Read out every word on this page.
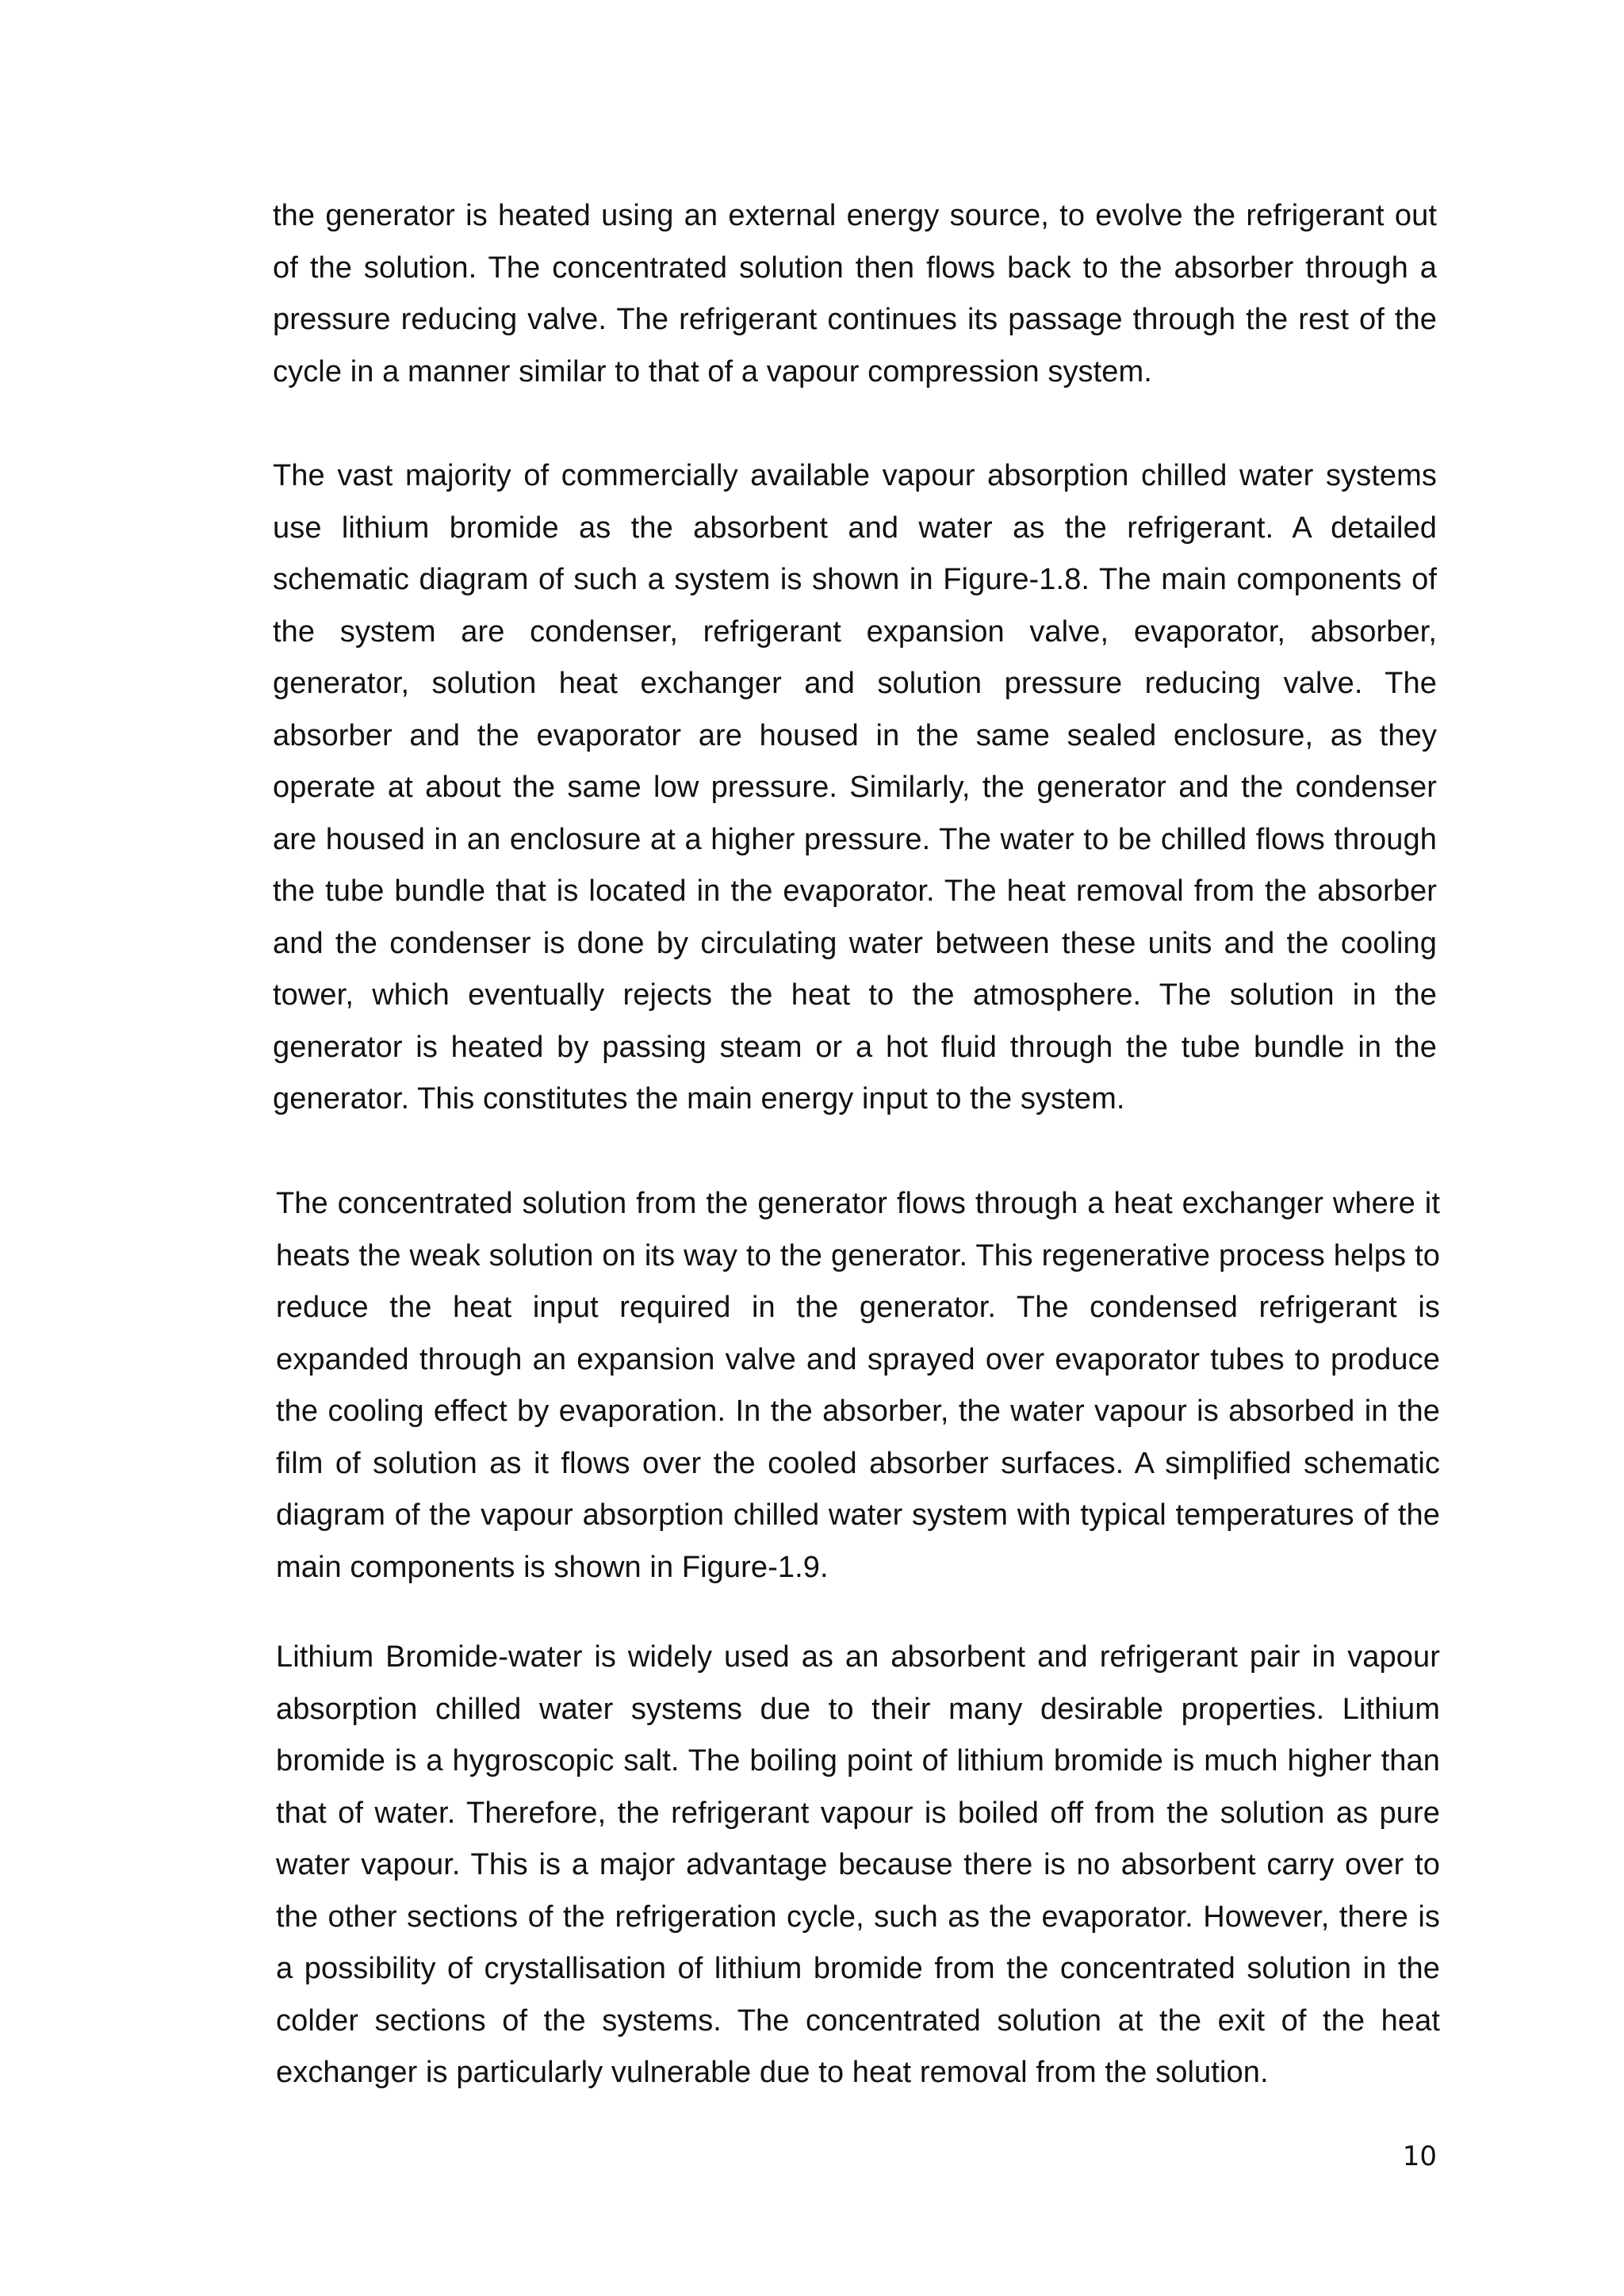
the generator is heated using an external energy source, to evolve the refrigerant out of the solution. The concentrated solution then flows back to the absorber through a pressure reducing valve. The refrigerant continues its passage through the rest of the cycle in a manner similar to that of a vapour compression system.

The vast majority of commercially available vapour absorption chilled water systems use lithium bromide as the absorbent and water as the refrigerant. A detailed schematic diagram of such a system is shown in Figure-1.8. The main components of the system are condenser, refrigerant expansion valve, evaporator, absorber, generator, solution heat exchanger and solution pressure reducing valve. The absorber and the evaporator are housed in the same sealed enclosure, as they operate at about the same low pressure. Similarly, the generator and the condenser are housed in an enclosure at a higher pressure. The water to be chilled flows through the tube bundle that is located in the evaporator. The heat removal from the absorber and the condenser is done by circulating water between these units and the cooling tower, which eventually rejects the heat to the atmosphere. The solution in the generator is heated by passing steam or a hot fluid through the tube bundle in the generator. This constitutes the main energy input to the system.

The concentrated solution from the generator flows through a heat exchanger where it heats the weak solution on its way to the generator. This regenerative process helps to reduce the heat input required in the generator. The condensed refrigerant is expanded through an expansion valve and sprayed over evaporator tubes to produce the cooling effect by evaporation. In the absorber, the water vapour is absorbed in the film of solution as it flows over the cooled absorber surfaces. A simplified schematic diagram of the vapour absorption chilled water system with typical temperatures of the main components is shown in Figure-1.9.

Lithium Bromide-water is widely used as an absorbent and refrigerant pair in vapour absorption chilled water systems due to their many desirable properties. Lithium bromide is a hygroscopic salt. The boiling point of lithium bromide is much higher than that of water. Therefore, the refrigerant vapour is boiled off from the solution as pure water vapour. This is a major advantage because there is no absorbent carry over to the other sections of the refrigeration cycle, such as the evaporator. However, there is a possibility of crystallisation of lithium bromide from the concentrated solution in the colder sections of the systems. The concentrated solution at the exit of the heat exchanger is particularly vulnerable due to heat removal from the solution.

10
